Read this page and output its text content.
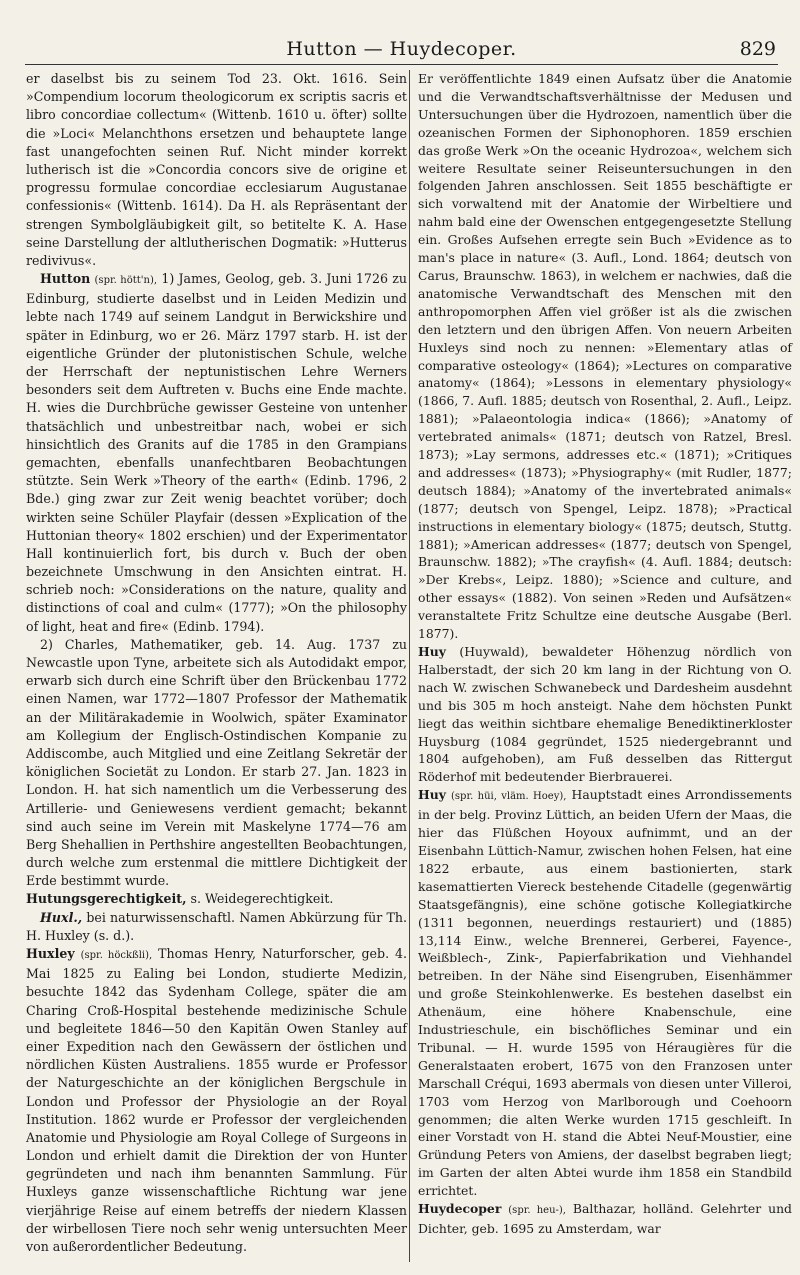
Hutton — Huydecoper.	829

er daselbst bis zu seinem Tod 23. Okt. 1616. Sein »Compendium locorum theologicorum ex scriptis sacris et libro concordiae collectum« (Wittenb. 1610 u. öfter) sollte die »Loci« Melanchthons ersetzen und behauptete lange fast unangefochten seinen Ruf. Nicht minder korrekt lutherisch ist die »Concordia concors sive de origine et progressu formulae concordiae ecclesiarum Augustanae confessionis« (Wittenb. 1614). Da H. als Repräsentant der strengen Symbolgläubigkeit gilt, so betitelte K. A. Hase seine Darstellung der altlutherischen Dogmatik: »Hutterus redivivus«.

Hutton (spr. hött'n), 1) James, Geolog, geb. 3. Juni 1726 zu Edinburg, studierte daselbst und in Leiden Medizin und lebte nach 1749 auf seinem Landgut in Berwickshire und später in Edinburg, wo er 26. März 1797 starb. H. ist der eigentliche Gründer der plutonistischen Schule, welche der Herrschaft der neptunistischen Lehre Werners besonders seit dem Auftreten v. Buchs eine Ende machte. H. wies die Durchbrüche gewisser Gesteine von untenher thatsächlich und unbestreitbar nach, wobei er sich hinsichtlich des Granits auf die 1785 in den Grampians gemachten, ebenfalls unanfechtbaren Beobachtungen stützte. Sein Werk »Theory of the earth« (Edinb. 1796, 2 Bde.) ging zwar zur Zeit wenig beachtet vorüber; doch wirkten seine Schüler Playfair (dessen »Explication of the Huttonian theory« 1802 erschien) und der Experimentator Hall kontinuierlich fort, bis durch v. Buch der oben bezeichnete Umschwung in den Ansichten eintrat. H. schrieb noch: »Considerations on the nature, quality and distinctions of coal and culm« (1777); »On the philosophy of light, heat and fire« (Edinb. 1794).

2) Charles, Mathematiker, geb. 14. Aug. 1737 zu Newcastle upon Tyne, arbeitete sich als Autodidakt empor, erwarb sich durch eine Schrift über den Brückenbau 1772 einen Namen, war 1772—1807 Professor der Mathematik an der Militärakademie in Woolwich, später Examinator am Kollegium der Englisch-Ostindischen Kompanie zu Addiscombe, auch Mitglied und eine Zeitlang Sekretär der königlichen Societät zu London. Er starb 27. Jan. 1823 in London. H. hat sich namentlich um die Verbesserung des Artillerie- und Geniewesens verdient gemacht; bekannt sind auch seine im Verein mit Maskelyne 1774—76 am Berg Shehallien in Perthshire angestellten Beobachtungen, durch welche zum erstenmal die mittlere Dichtigkeit der Erde bestimmt wurde.

Hutungsgerechtigkeit, s. Weidegerechtigkeit.

Huxl., bei naturwissenschaftl. Namen Abkürzung für Th. H. Huxley (s. d.).

Huxley (spr. höckßli), Thomas Henry, Naturforscher, geb. 4. Mai 1825 zu Ealing bei London, studierte Medizin, besuchte 1842 das Sydenham College, später die am Charing Croß-Hospital bestehende medizinische Schule und begleitete 1846—50 den Kapitän Owen Stanley auf einer Expedition nach den Gewässern der östlichen und nördlichen Küsten Australiens. 1855 wurde er Professor der Naturgeschichte an der königlichen Bergschule in London und Professor der Physiologie an der Royal Institution. 1862 wurde er Professor der vergleichenden Anatomie und Physiologie am Royal College of Surgeons in London und erhielt damit die Direktion der von Hunter gegründeten und nach ihm benannten Sammlung. Für Huxleys ganze wissenschaftliche Richtung war jene vierjährige Reise auf einem betreffs der niedern Klassen der wirbellosen Tiere noch sehr wenig untersuchten Meer von außerordentlicher Bedeutung.

Er veröffentlichte 1849 einen Aufsatz über die Anatomie und die Verwandtschaftsverhältnisse der Medusen und Untersuchungen über die Hydrozoen, namentlich über die ozeanischen Formen der Siphonophoren. 1859 erschien das große Werk »On the oceanic Hydrozoa«, welchem sich weitere Resultate seiner Reiseuntersuchungen in den folgenden Jahren anschlossen. Seit 1855 beschäftigte er sich vorwaltend mit der Anatomie der Wirbeltiere und nahm bald eine der Owenschen entgegengesetzte Stellung ein. Großes Aufsehen erregte sein Buch »Evidence as to man's place in nature« (3. Aufl., Lond. 1864; deutsch von Carus, Braunschw. 1863), in welchem er nachwies, daß die anatomische Verwandtschaft des Menschen mit den anthropomorphen Affen viel größer ist als die zwischen den letztern und den übrigen Affen. Von neuern Arbeiten Huxleys sind noch zu nennen: »Elementary atlas of comparative osteology« (1864); »Lectures on comparative anatomy« (1864); »Lessons in elementary physiology« (1866, 7. Aufl. 1885; deutsch von Rosenthal, 2. Aufl., Leipz. 1881); »Palaeontologia indica« (1866); »Anatomy of vertebrated animals« (1871; deutsch von Ratzel, Bresl. 1873); »Lay sermons, addresses etc.« (1871); »Critiques and addresses« (1873); »Physiography« (mit Rudler, 1877; deutsch 1884); »Anatomy of the invertebrated animals« (1877; deutsch von Spengel, Leipz. 1878); »Practical instructions in elementary biology« (1875; deutsch, Stuttg. 1881); »American addresses« (1877; deutsch von Spengel, Braunschw. 1882); »The crayfish« (4. Aufl. 1884; deutsch: »Der Krebs«, Leipz. 1880); »Science and culture, and other essays« (1882). Von seinen »Reden und Aufsätzen« veranstaltete Fritz Schultze eine deutsche Ausgabe (Berl. 1877).

Huy (Huywald), bewaldeter Höhenzug nördlich von Halberstadt, der sich 20 km lang in der Richtung von O. nach W. zwischen Schwanebeck und Dardesheim ausdehnt und bis 305 m hoch ansteigt. Nahe dem höchsten Punkt liegt das weithin sichtbare ehemalige Benediktinerkloster Huysburg (1084 gegründet, 1525 niedergebrannt und 1804 aufgehoben), am Fuß desselben das Rittergut Röderhof mit bedeutender Bierbrauerei.

Huy (spr. hüi, vläm. Hoey), Hauptstadt eines Arrondissements in der belg. Provinz Lüttich, an beiden Ufern der Maas, die hier das Flüßchen Hoyoux aufnimmt, und an der Eisenbahn Lüttich-Namur, zwischen hohen Felsen, hat eine 1822 erbaute, aus einem bastionierten, stark kasemattierten Viereck bestehende Citadelle (gegenwärtig Staatsgefängnis), eine schöne gotische Kollegiatkirche (1311 begonnen, neuerdings restauriert) und (1885) 13,114 Einw., welche Brennerei, Gerberei, Fayence-, Weißblech-, Zink-, Papierfabrikation und Viehhandel betreiben. In der Nähe sind Eisengruben, Eisenhämmer und große Steinkohlenwerke. Es bestehen daselbst ein Athenäum, eine höhere Knabenschule, eine Industrieschule, ein bischöfliches Seminar und ein Tribunal. — H. wurde 1595 von Héraugières für die Generalstaaten erobert, 1675 von den Franzosen unter Marschall Créqui, 1693 abermals von diesen unter Villeroi, 1703 vom Herzog von Marlborough und Coehoorn genommen; die alten Werke wurden 1715 geschleift. In einer Vorstadt von H. stand die Abtei Neuf-Moustier, eine Gründung Peters von Amiens, der daselbst begraben liegt; im Garten der alten Abtei wurde ihm 1858 ein Standbild errichtet.

Huydecoper (spr. heu-), Balthazar, holländ. Gelehrter und Dichter, geb. 1695 zu Amsterdam, war
